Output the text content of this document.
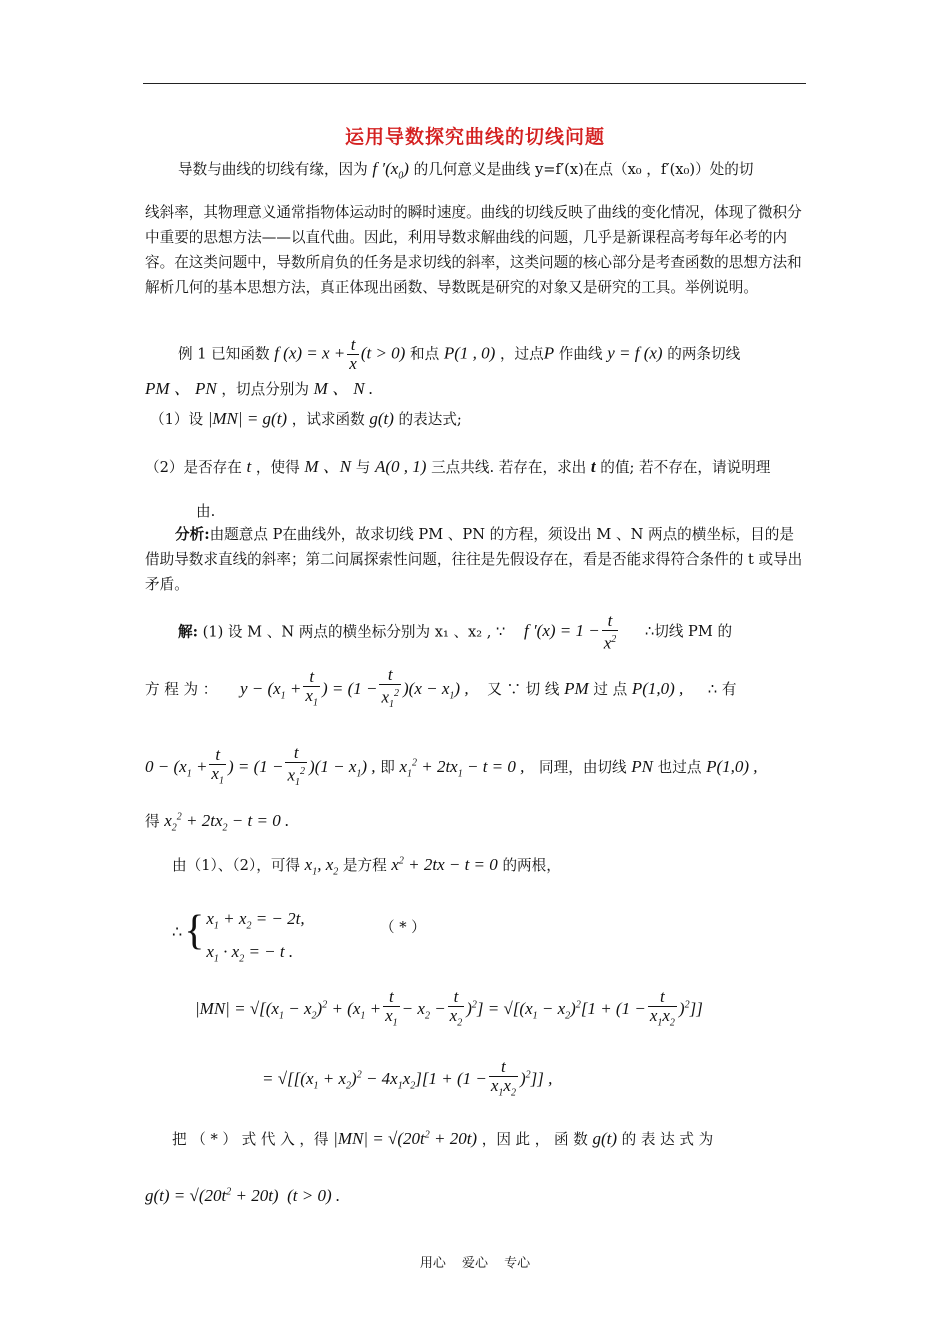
运用导数探究曲线的切线问题
导数与曲线的切线有缘，因为 f $'(x_0)$ 的几何意义是曲线 y=f′(x)在点（x₀ ，f′(x₀)）处的切
线斜率，其物理意义通常指物体运动时的瞬时速度。曲线的切线反映了曲线的变化情况，体现了微积分中重要的思想方法——以直代曲。因此，利用导数求解曲线的问题，几乎是新课程高考每年必考的内容。在这类问题中，导数所肩负的任务是求切线的斜率，这类问题的核心部分是考查函数的思想方法和解析几何的基本思想方法，真正体现出函数、导数既是研究的对象又是研究的工具。举例说明。
例 1 已知函数 f $(x) = x + \frac{t}{x} (t > 0)$ 和点 P(1 , 0) ，过点P 作曲线 y = f (x) 的两条切线
PM 、 PN ，切点分别为 M 、 N .
（1）设 |MN| = g(t) ，试求函数 g(t) 的表达式;
（2）是否存在 t ，使得 M 、N 与 A(0 , 1) 三点共线. 若存在，求出 t 的值; 若不存在，请说明理
由.
分析:由题意点 P在曲线外，故求切线 PM 、PN 的方程，须设出 M 、N 两点的横坐标，目的是借助导数求直线的斜率；第二问属探索性问题，往往是先假设存在，看是否能求得符合条件的 t 或导出矛盾。
解: (1) 设 M 、N 两点的横坐标分别为 x₁ 、x₂ , ∵ f $'(x) = 1 - \frac{t}{x^2}$ ∴切线 PM 的
方 程 为 ： $y - (x_1 + \frac{t}{x_1}$ ) = $(1 - \frac{t}{x_1^2} )(x - x_1)$ , 又 ∵ 切 线 PM 过 点 P(1,0) , ∴ 有
$0 - (x_1 + \frac{t}{x_1}$ ) = $(1 - \frac{t}{x_1^2} )(1 - x_1)$ , 即 $x_1^2 + 2tx_1 - t = 0$ , 同理，由切线 PN 也过点 P(1,0) ,
得 $x_2^2 + 2tx_2 - t = 0$ .
由（1）、（2），可得 $x_1$, $x_2$ 是方程 $x^2 + 2tx - t = 0$ 的两根，
∴ { $x_1 + x_2$ = − 2t,
$x_1 \cdot x_2$ = − t .
（ * ）
$|MN| = √[(x_1 - x_2)^2 + (x_1 + \frac{t}{x_1} - x_2 - \frac{t}{x_2} )^2] = √[(x_1 - x_2)^2[1 + (1 - \frac{t}{x_1x_2} )^2]]$
= $√[[(x_1 + x_2)^2 - 4x_1x_2][1 + (1 - \frac{t}{x_1x_2} )^2]]$ ,
把 （ * ） 式 代 入 ，得 $|MN| = √(20t^2 + 20t)$ ，因 此 ， 函 数 g(t) 的 表 达 式 为
$g(t) = √(20t^2 + 20t) (t > 0)$ .
用心 爱心 专心
